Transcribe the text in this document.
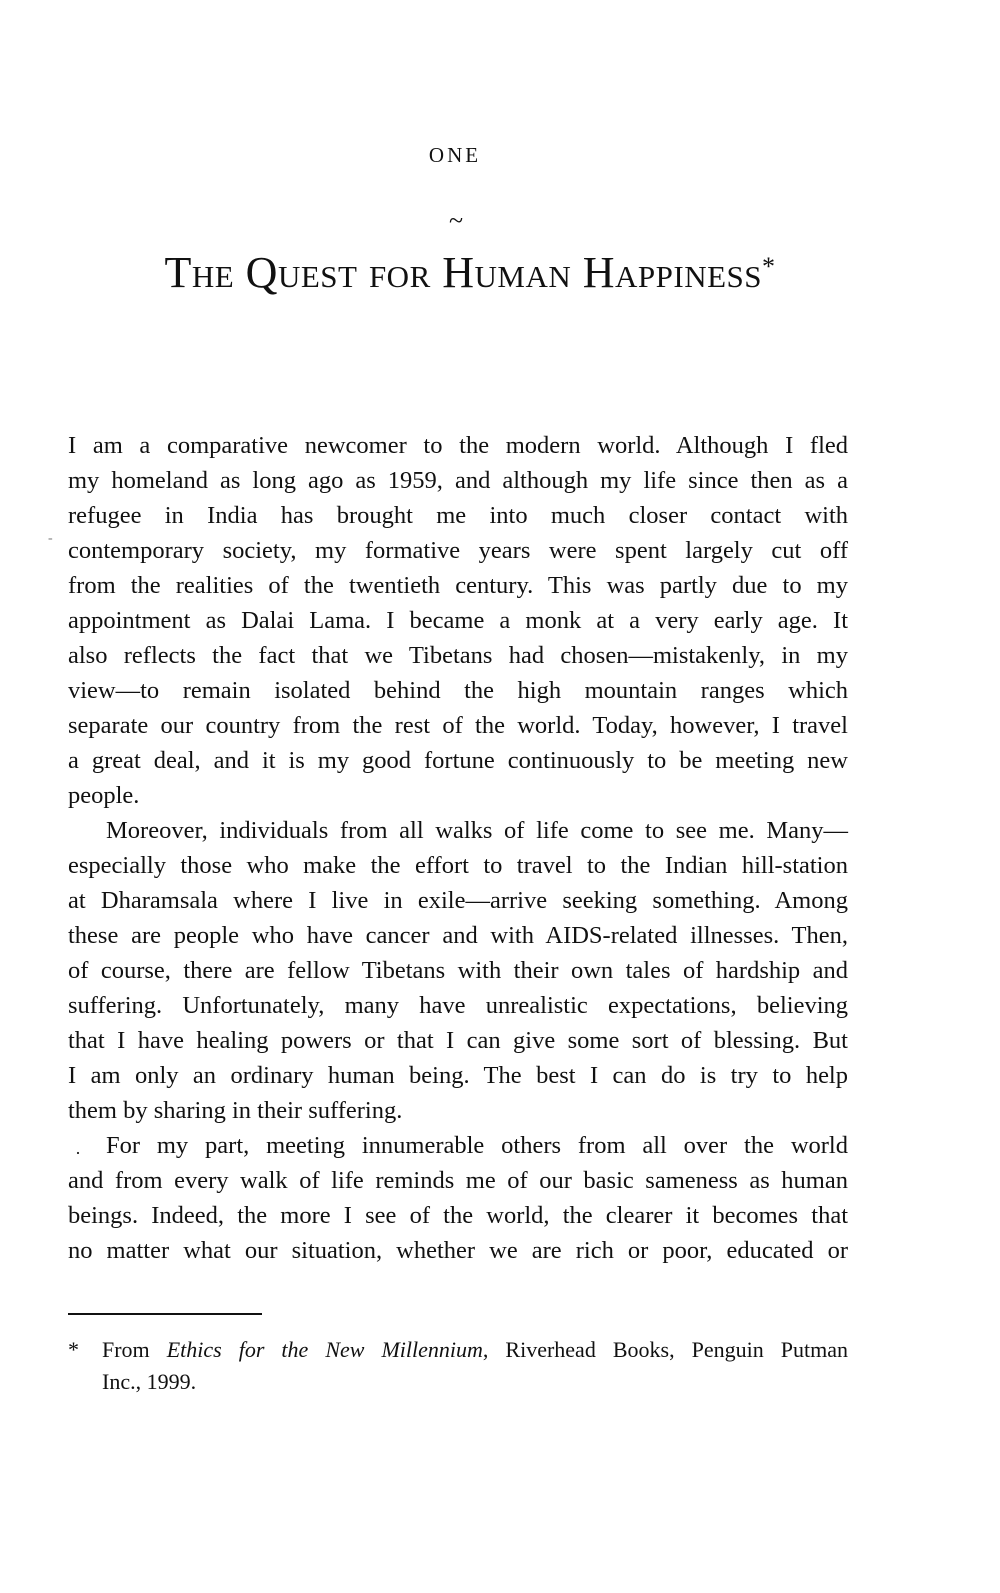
ONE
~
The Quest for Human Happiness*
-
·
I am a comparative newcomer to the modern world. Although I fled
my homeland as long ago as 1959, and although my life since then as a
refugee in India has brought me into much closer contact with
contemporary society, my formative years were spent largely cut off
from the realities of the twentieth century. This was partly due to my
appointment as Dalai Lama. I became a monk at a very early age. It
also reflects the fact that we Tibetans had chosen—mistakenly, in my
view—to remain isolated behind the high mountain ranges which
separate our country from the rest of the world. Today, however, I travel
a great deal, and it is my good fortune continuously to be meeting new
people.
Moreover, individuals from all walks of life come to see me. Many—
especially those who make the effort to travel to the Indian hill-station
at Dharamsala where I live in exile—arrive seeking something. Among
these are people who have cancer and with AIDS-related illnesses. Then,
of course, there are fellow Tibetans with their own tales of hardship and
suffering. Unfortunately, many have unrealistic expectations, believing
that I have healing powers or that I can give some sort of blessing. But
I am only an ordinary human being. The best I can do is try to help
them by sharing in their suffering.
For my part, meeting innumerable others from all over the world
and from every walk of life reminds me of our basic sameness as human
beings. Indeed, the more I see of the world, the clearer it becomes that
no matter what our situation, whether we are rich or poor, educated or
* From Ethics for the New Millennium, Riverhead Books, Penguin Putman
Inc., 1999.
